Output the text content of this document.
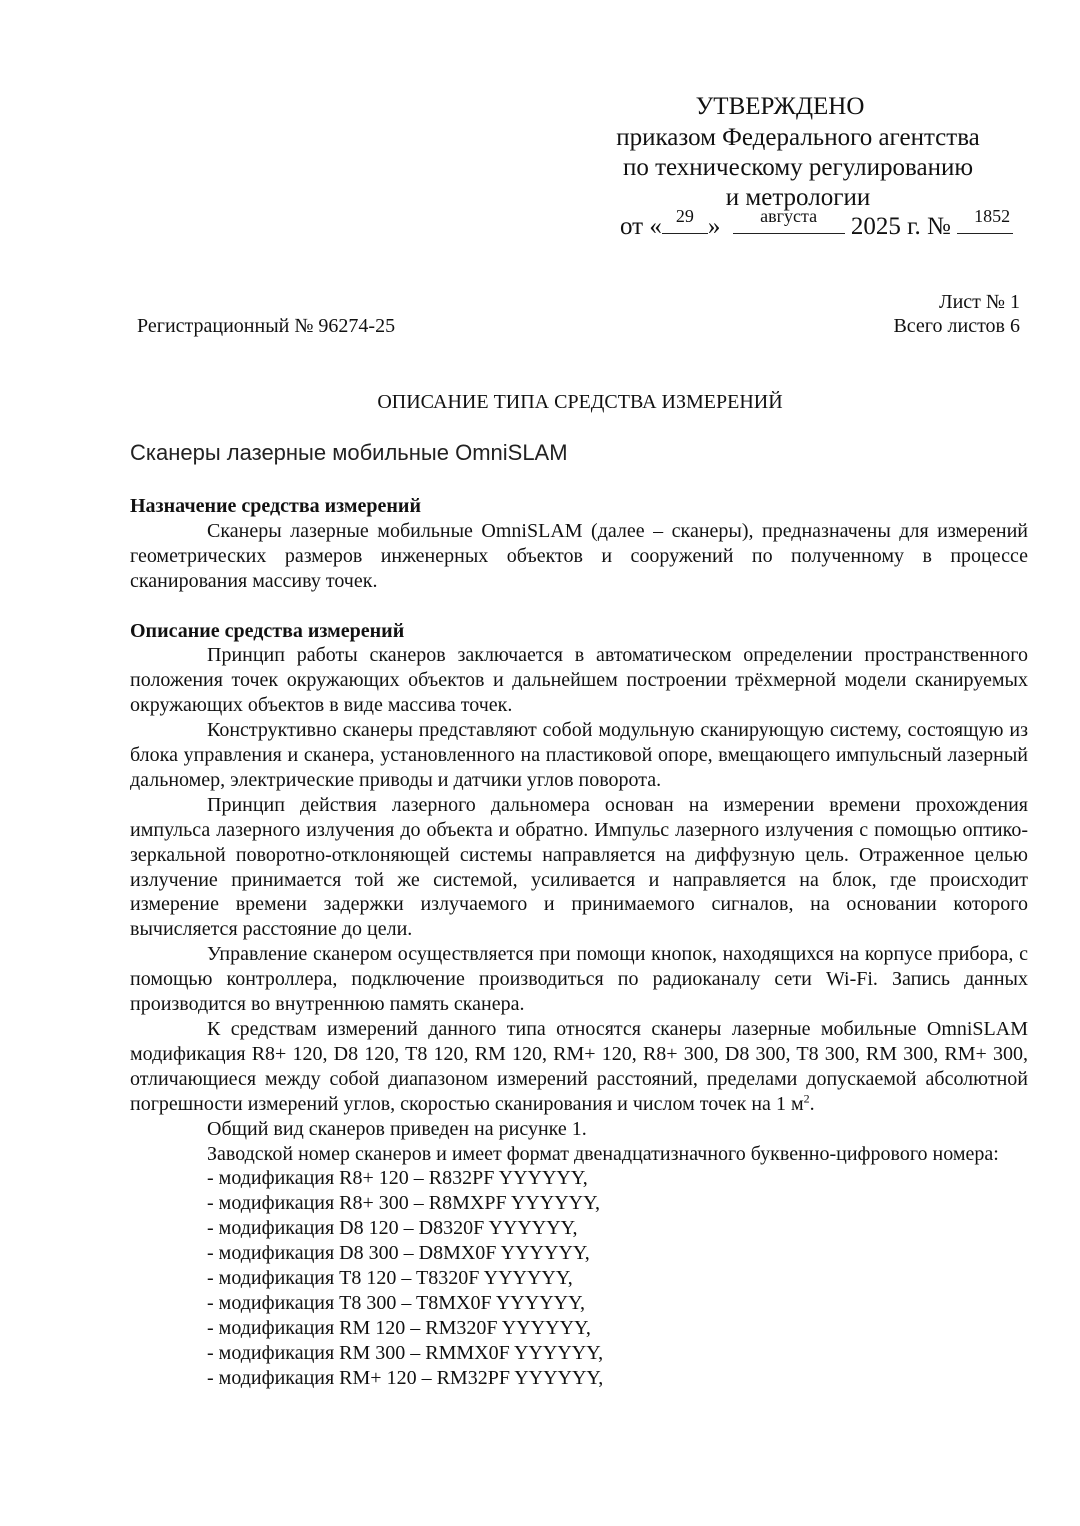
УТВЕРЖДЕНО
приказом Федерального агентства
по техническому регулированию
и метрологии
от « 29 »	августа	2025 г. № 1852
Лист № 1
Всего листов 6
Регистрационный № 96274-25
ОПИСАНИЕ ТИПА СРЕДСТВА ИЗМЕРЕНИЙ
Сканеры лазерные мобильные OmniSLAM

Назначение средства измерений

Сканеры лазерные мобильные OmniSLAM (далее – сканеры), предназначены для измерений геометрических размеров инженерных объектов и сооружений по полученному в процессе сканирования массиву точек.

Описание средства измерений

Принцип работы сканеров заключается в автоматическом определении пространственного положения точек окружающих объектов и дальнейшем построении трёхмерной модели сканируемых окружающих объектов в виде массива точек.

Конструктивно сканеры представляют собой модульную сканирующую систему, состоящую из блока управления и сканера, установленного на пластиковой опоре, вмещающего импульсный лазерный дальномер, электрические приводы и датчики углов поворота.

Принцип действия лазерного дальномера основан на измерении времени прохождения импульса лазерного излучения до объекта и обратно. Импульс лазерного излучения с помощью оптико-зеркальной поворотно-отклоняющей системы направляется на диффузную цель. Отраженное целью излучение принимается той же системой, усиливается и направляется на блок, где происходит измерение времени задержки излучаемого и принимаемого сигналов, на основании которого вычисляется расстояние до цели.

Управление сканером осуществляется при помощи кнопок, находящихся на корпусе прибора, с помощью контроллера, подключение производиться по радиоканалу сети Wi-Fi. Запись данных производится во внутреннюю память сканера.

К средствам измерений данного типа относятся сканеры лазерные мобильные OmniSLAM модификация R8+ 120, D8 120, T8 120, RM 120, RM+ 120, R8+ 300, D8 300, T8 300, RM 300, RM+ 300, отличающиеся между собой диапазоном измерений расстояний, пределами допускаемой абсолютной погрешности измерений углов, скоростью сканирования и числом точек на 1 $м^2$.

Общий вид сканеров приведен на рисунке 1.

Заводской номер сканеров и имеет формат двенадцатизначного буквенно-цифрового номера:

- модификация R8+ 120 – R832PF YYYYYY,
- модификация R8+ 300 – R8MXPF YYYYYY,
- модификация D8 120 – D8320F YYYYYY,
- модификация D8 300 – D8MX0F YYYYYY,
- модификация T8 120 – T8320F YYYYYY,
- модификация T8 300 – T8MX0F YYYYYY,
- модификация RM 120 – RM320F YYYYYY,
- модификация RM 300 – RMMX0F YYYYYY,
- модификация RM+ 120 – RM32PF YYYYYY,
